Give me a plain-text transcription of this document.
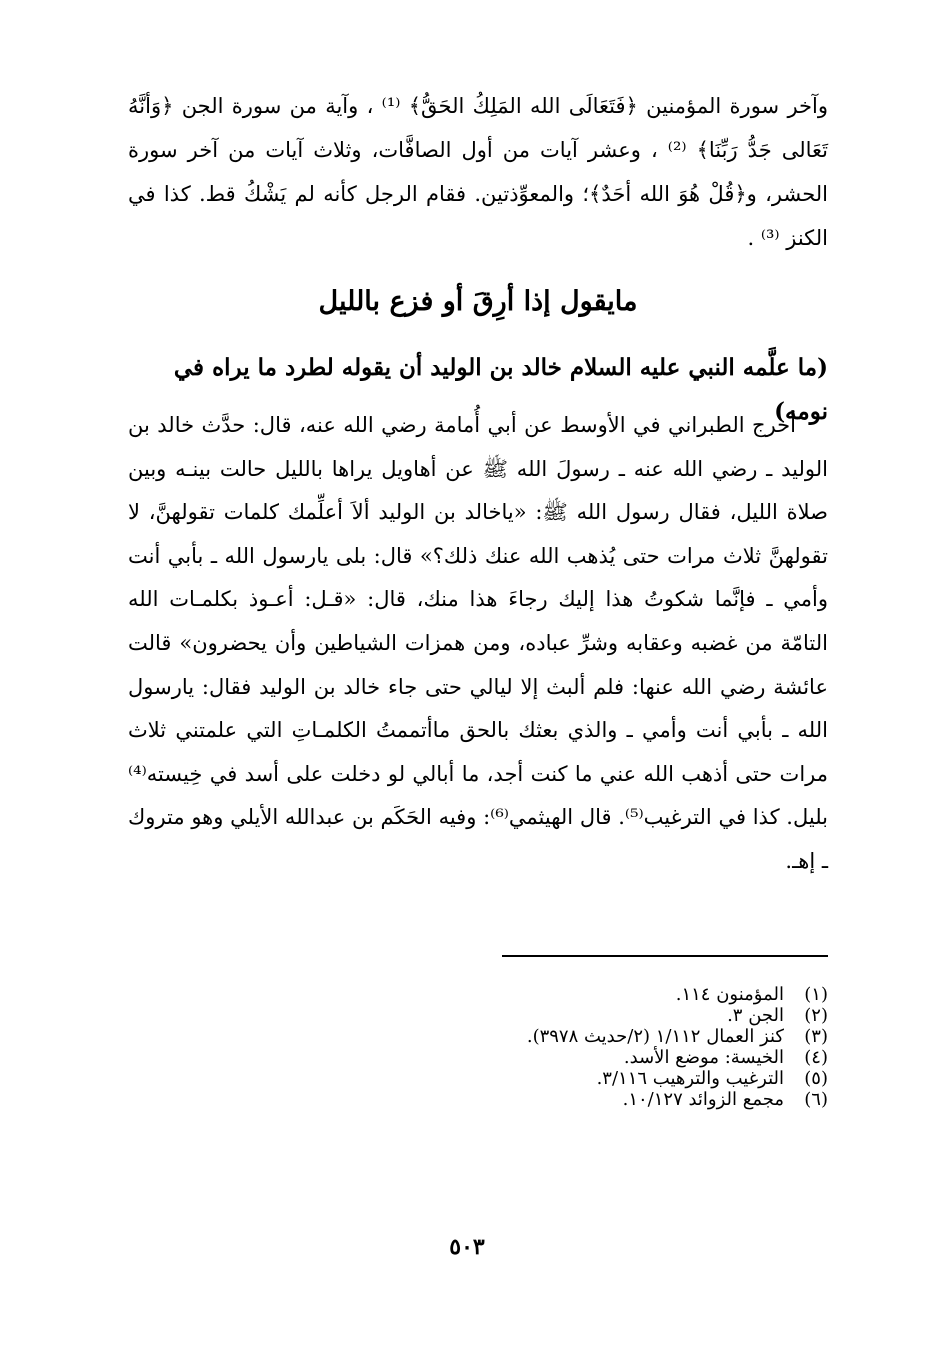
وآخر سورة المؤمنين ﴿فَتَعَالَى الله المَلِكُ الحَقُّ﴾ ⁽¹⁾ ، وآية من سورة الجن ﴿وَأنَّهُ تَعَالى جَدُّ رَبِّنَا﴾ ⁽²⁾ ، وعشر آيات من أول الصافَّات، وثلاث آيات من آخر سورة الحشر، و﴿قُلْ هُوَ الله أحَدٌ﴾؛ والمعوِّذتين. فقام الرجل كأنه لم يَشْكُ قط. كذا في الكنز ⁽³⁾ .

مايقول إذا أرِقَ أو فزع بالليل
(ما علَّمه النبي عليه السلام خالد بن الوليد أن يقوله لطرد ما يراه في نومه)

أخرج الطبراني في الأوسط عن أبي أُمامة رضي الله عنه، قال: حدَّث خالد بن الوليد ـ رضي الله عنه ـ رسولَ الله ﷺ عن أهاويل يراها بالليل حالت بينـه وبين صلاة الليل، فقال رسول الله ﷺ: «ياخالد بن الوليد ألاَ أعلِّمك كلمات تقولهنَّ، لا تقولهنَّ ثلاث مرات حتى يُذهب الله عنك ذلك؟» قال: بلى يارسول الله ـ بأبي أنت وأمي ـ فإنَّما شكوتُ هذا إليك رجاءَ هذا منك، قال: «قـل: أعـوذ بكلمـات الله التامّة من غضبه وعقابه وشرِّ عباده، ومن همزات الشياطين وأن يحضرون» قالت عائشة رضي الله عنها: فلم ألبث إلا ليالي حتى جاء خالد بن الوليد فقال: يارسول الله ـ بأبي أنت وأمي ـ والذي بعثك بالحق ماأتممتُ الكلمـاتِ التي علمتني ثلاث مرات حتى أذهب الله عني ما كنت أجد، ما أبالي لو دخلت على أسد في خِيسته⁽⁴⁾ بليل. كذا في الترغيب⁽⁵⁾. قال الهيثمي⁽⁶⁾: وفيه الحَكَم بن عبدالله الأيلي وهو متروك ـ إهـ.

(١)
المؤمنون ١١٤.
(٢)
الجن ٣.
(٣)
كنز العمال ١/١١٢ (٢/حديث ٣٩٧٨).
(٤)
الخيسة: موضع الأسد.
(٥)
الترغيب والترهيب ٣/١١٦.
(٦)
مجمع الزوائد ١٠/١٢٧.
٥٠٣
